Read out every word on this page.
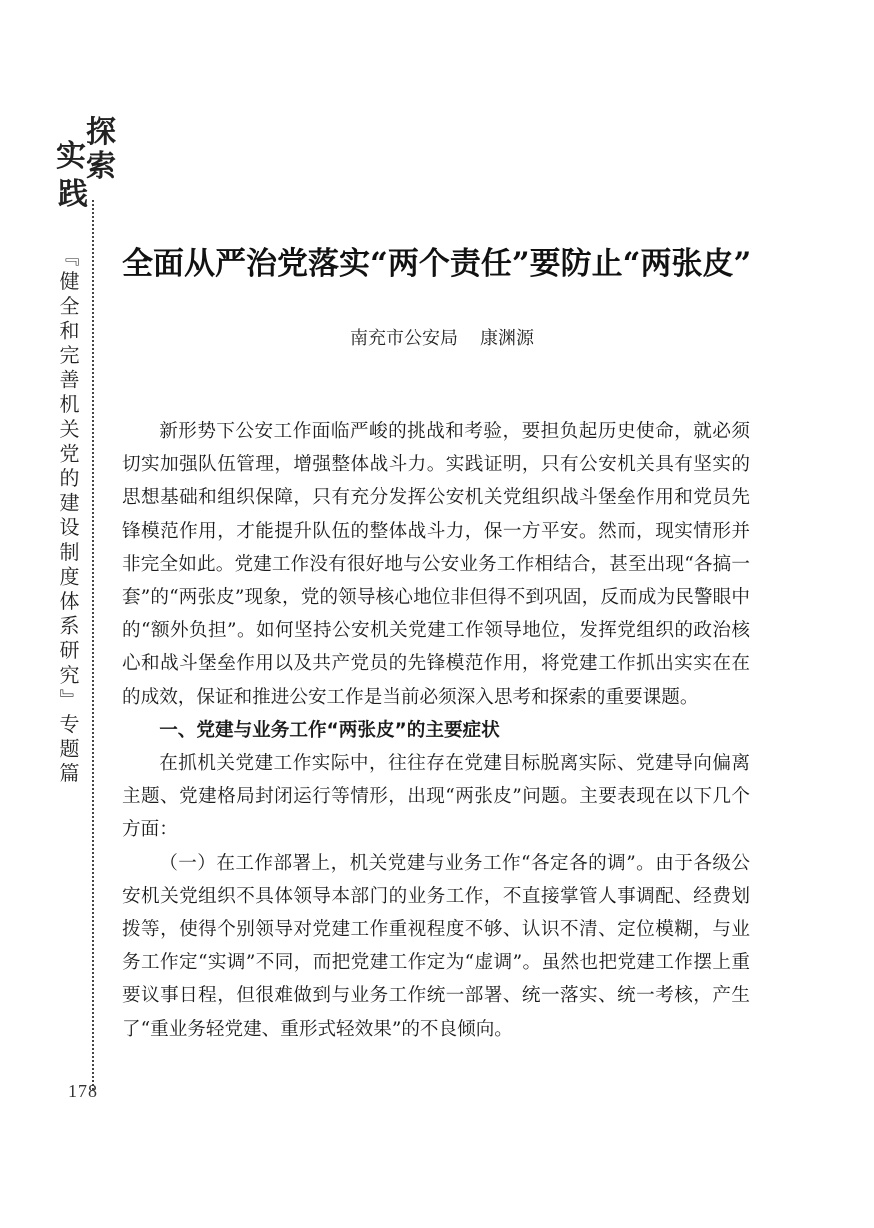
探
索
实
践
『健全和完善机关党的建设制度体系研究』专题篇
178
全面从严治党落实“两个责任”要防止“两张皮”
南充市公安局 康渊源

新形势下公安工作面临严峻的挑战和考验，要担负起历史使命，就必须切实加强队伍管理，增强整体战斗力。实践证明，只有公安机关具有坚实的思想基础和组织保障，只有充分发挥公安机关党组织战斗堡垒作用和党员先锋模范作用，才能提升队伍的整体战斗力，保一方平安。然而，现实情形并非完全如此。党建工作没有很好地与公安业务工作相结合，甚至出现“各搞一套”的“两张皮”现象，党的领导核心地位非但得不到巩固，反而成为民警眼中的“额外负担”。如何坚持公安机关党建工作领导地位，发挥党组织的政治核心和战斗堡垒作用以及共产党员的先锋模范作用，将党建工作抓出实实在在的成效，保证和推进公安工作是当前必须深入思考和探索的重要课题。

一、党建与业务工作“两张皮”的主要症状

在抓机关党建工作实际中，往往存在党建目标脱离实际、党建导向偏离主题、党建格局封闭运行等情形，出现“两张皮”问题。主要表现在以下几个方面：

（一）在工作部署上，机关党建与业务工作“各定各的调”。由于各级公安机关党组织不具体领导本部门的业务工作，不直接掌管人事调配、经费划拨等，使得个别领导对党建工作重视程度不够、认识不清、定位模糊，与业务工作定“实调”不同，而把党建工作定为“虚调”。虽然也把党建工作摆上重要议事日程，但很难做到与业务工作统一部署、统一落实、统一考核，产生了“重业务轻党建、重形式轻效果”的不良倾向。
